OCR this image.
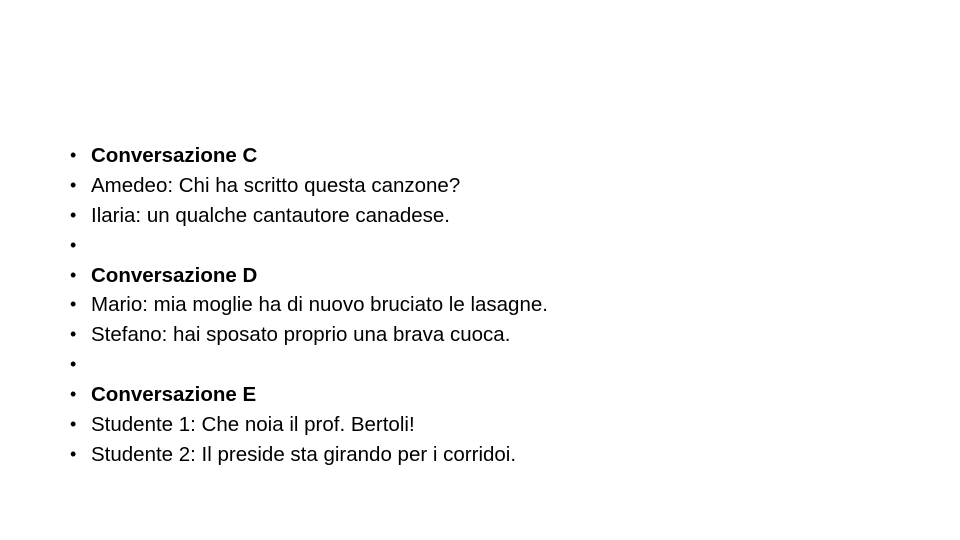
• Conversazione C
• Amedeo: Chi ha scritto questa canzone?
• Ilaria: un qualche cantautore canadese.
•
• Conversazione D
• Mario: mia moglie ha di nuovo bruciato le lasagne.
• Stefano: hai sposato proprio una brava cuoca.
•
• Conversazione E
• Studente 1: Che noia il prof. Bertoli!
• Studente 2: Il preside sta girando per i corridoi.
